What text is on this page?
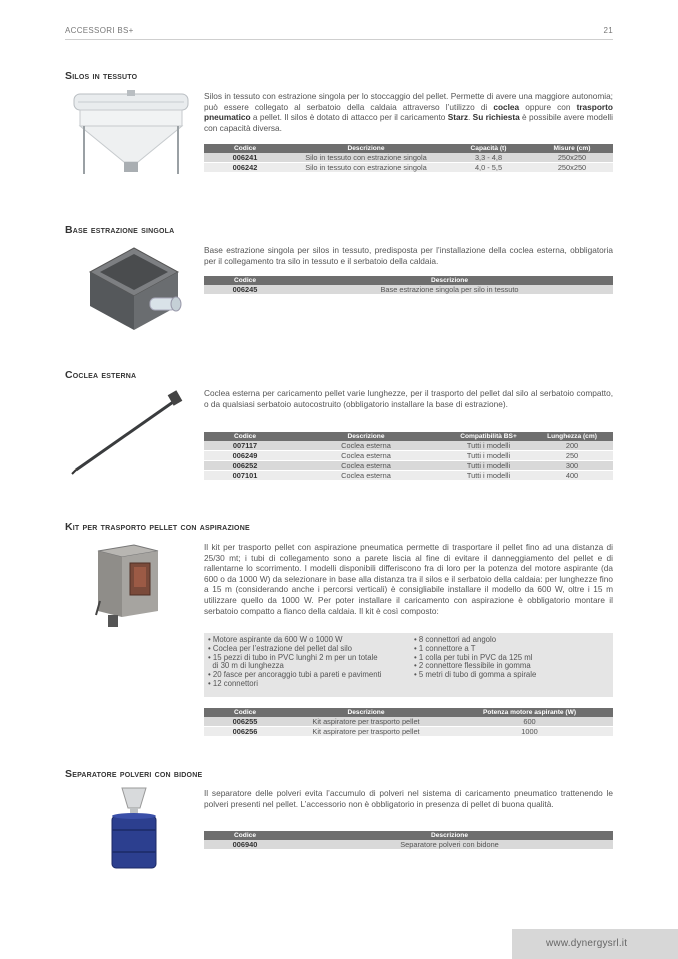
ACCESSORI BS+	21
Silos in tessuto
Silos in tessuto con estrazione singola per lo stoccaggio del pellet. Permette di avere una maggiore autonomia; può essere collegato al serbatoio della caldaia attraverso l’utilizzo di coclea oppure con trasporto pneumatico a pellet. Il silos è dotato di attacco per il caricamento Starz. Su richiesta è possibile avere modelli con capacità diversa.
Codice	Descrizione	Capacità (t)	Misure (cm)
006241	Silo in tessuto con estrazione singola	3,3 - 4,8	250x250
006242	Silo in tessuto con estrazione singola	4,0 - 5,5	250x250
Base estrazione singola
Base estrazione singola per silos in tessuto, predisposta per l’installazione della coclea esterna, obbligatoria per il collegamento tra silo in tessuto e il serbatoio della caldaia.
Codice	Descrizione
006245	Base estrazione singola per silo in tessuto
Coclea esterna
Coclea esterna per caricamento pellet varie lunghezze, per il trasporto del pellet dal silo al serbatoio compatto, o da qualsiasi serbatoio autocostruito (obbligatorio installare la base di estrazione).
Codice	Descrizione	Compatibilità BS+	Lunghezza (cm)
007117	Coclea esterna	Tutti i modelli	200
006249	Coclea esterna	Tutti i modelli	250
006252	Coclea esterna	Tutti i modelli	300
007101	Coclea esterna	Tutti i modelli	400
Kit per trasporto pellet con aspirazione
Il kit per trasporto pellet con aspirazione pneumatica permette di trasportare il pellet fino ad una distanza di 25/30 mt; i tubi di collegamento sono a parete liscia al fine di evitare il danneggiamento del pellet e di rallentarne lo scorrimento. I modelli disponibili differiscono fra di loro per la potenza del motore aspirante (da 600 o da 1000 W) da selezionare in base alla distanza tra il silos e il serbatoio della caldaia: per lunghezze fino a 15 m (considerando anche i percorsi verticali) è consigliabile installare il modello da 600 W, oltre i 15 m utilizzare quello da 1000 W. Per poter installare il caricamento con aspirazione è obbligatorio montare il serbatoio compatto a fianco della caldaia. Il kit è così composto:
• Motore aspirante da 600 W o 1000 W
• Coclea per l’estrazione del pellet dal silo
• 15 pezzi di tubo in PVC lunghi 2 m per un totale
di 30 m di lunghezza
• 20 fasce per ancoraggio tubi a pareti e pavimenti
• 12 connettori
• 8 connettori ad angolo
• 1 connettore a T
• 1 colla per tubi in PVC da 125 ml
• 2 connettore flessibile in gomma
• 5 metri di tubo di gomma a spirale
Codice	Descrizione	Potenza motore aspirante (W)
006255	Kit aspiratore per trasporto pellet	600
006256	Kit aspiratore per trasporto pellet	1000
Separatore polveri con bidone
Il separatore delle polveri evita l’accumulo di polveri nel sistema di caricamento pneumatico trattenendo le polveri presenti nel pellet. L’accessorio non è obbligatorio in presenza di pellet di buona qualità.
Codice	Descrizione
006940	Separatore polveri con bidone
www.dynergysrl.it
